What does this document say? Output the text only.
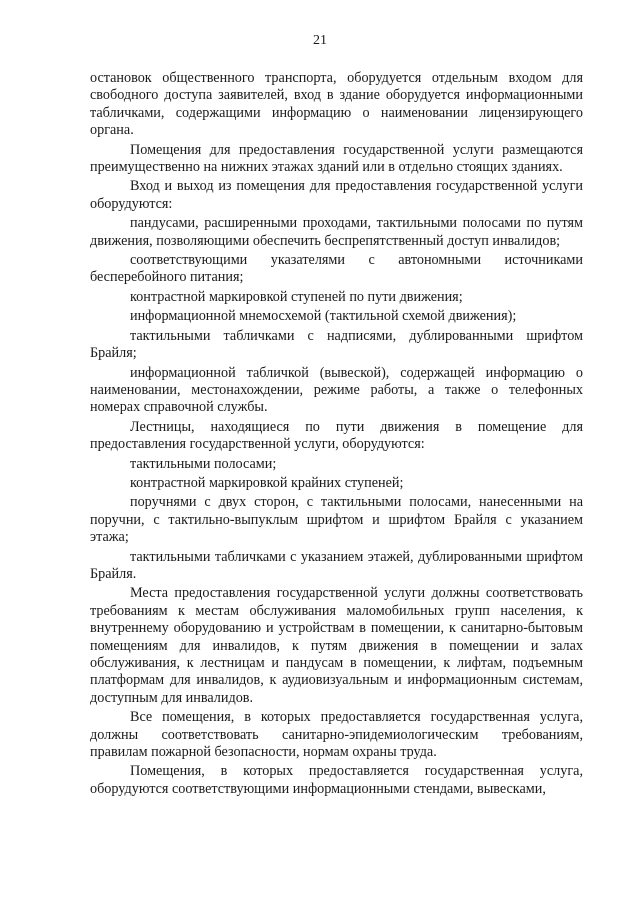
21

остановок общественного транспорта, оборудуется отдельным входом для свободного доступа заявителей, вход в здание оборудуется информационными табличками, содержащими информацию о наименовании лицензирующего органа.

Помещения для предоставления государственной услуги размещаются преимущественно на нижних этажах зданий или в отдельно стоящих зданиях.

Вход и выход из помещения для предоставления государственной услуги оборудуются:

пандусами, расширенными проходами, тактильными полосами по путям движения, позволяющими обеспечить беспрепятственный доступ инвалидов;

соответствующими указателями с автономными источниками бесперебойного питания;

контрастной маркировкой ступеней по пути движения;

информационной мнемосхемой (тактильной схемой движения);

тактильными табличками с надписями, дублированными шрифтом Брайля;

информационной табличкой (вывеской), содержащей информацию о наименовании, местонахождении, режиме работы, а также о телефонных номерах справочной службы.

Лестницы, находящиеся по пути движения в помещение для предоставления государственной услуги, оборудуются:

тактильными полосами;

контрастной маркировкой крайних ступеней;

поручнями с двух сторон, с тактильными полосами, нанесенными на поручни, с тактильно-выпуклым шрифтом и шрифтом Брайля с указанием этажа;

тактильными табличками с указанием этажей, дублированными шрифтом Брайля.

Места предоставления государственной услуги должны соответствовать требованиям к местам обслуживания маломобильных групп населения, к внутреннему оборудованию и устройствам в помещении, к санитарно-бытовым помещениям для инвалидов, к путям движения в помещении и залах обслуживания, к лестницам и пандусам в помещении, к лифтам, подъемным платформам для инвалидов, к аудиовизуальным и информационным системам, доступным для инвалидов.

Все помещения, в которых предоставляется государственная услуга, должны соответствовать санитарно-эпидемиологическим требованиям, правилам пожарной безопасности, нормам охраны труда.

Помещения, в которых предоставляется государственная услуга, оборудуются соответствующими информационными стендами, вывесками,
